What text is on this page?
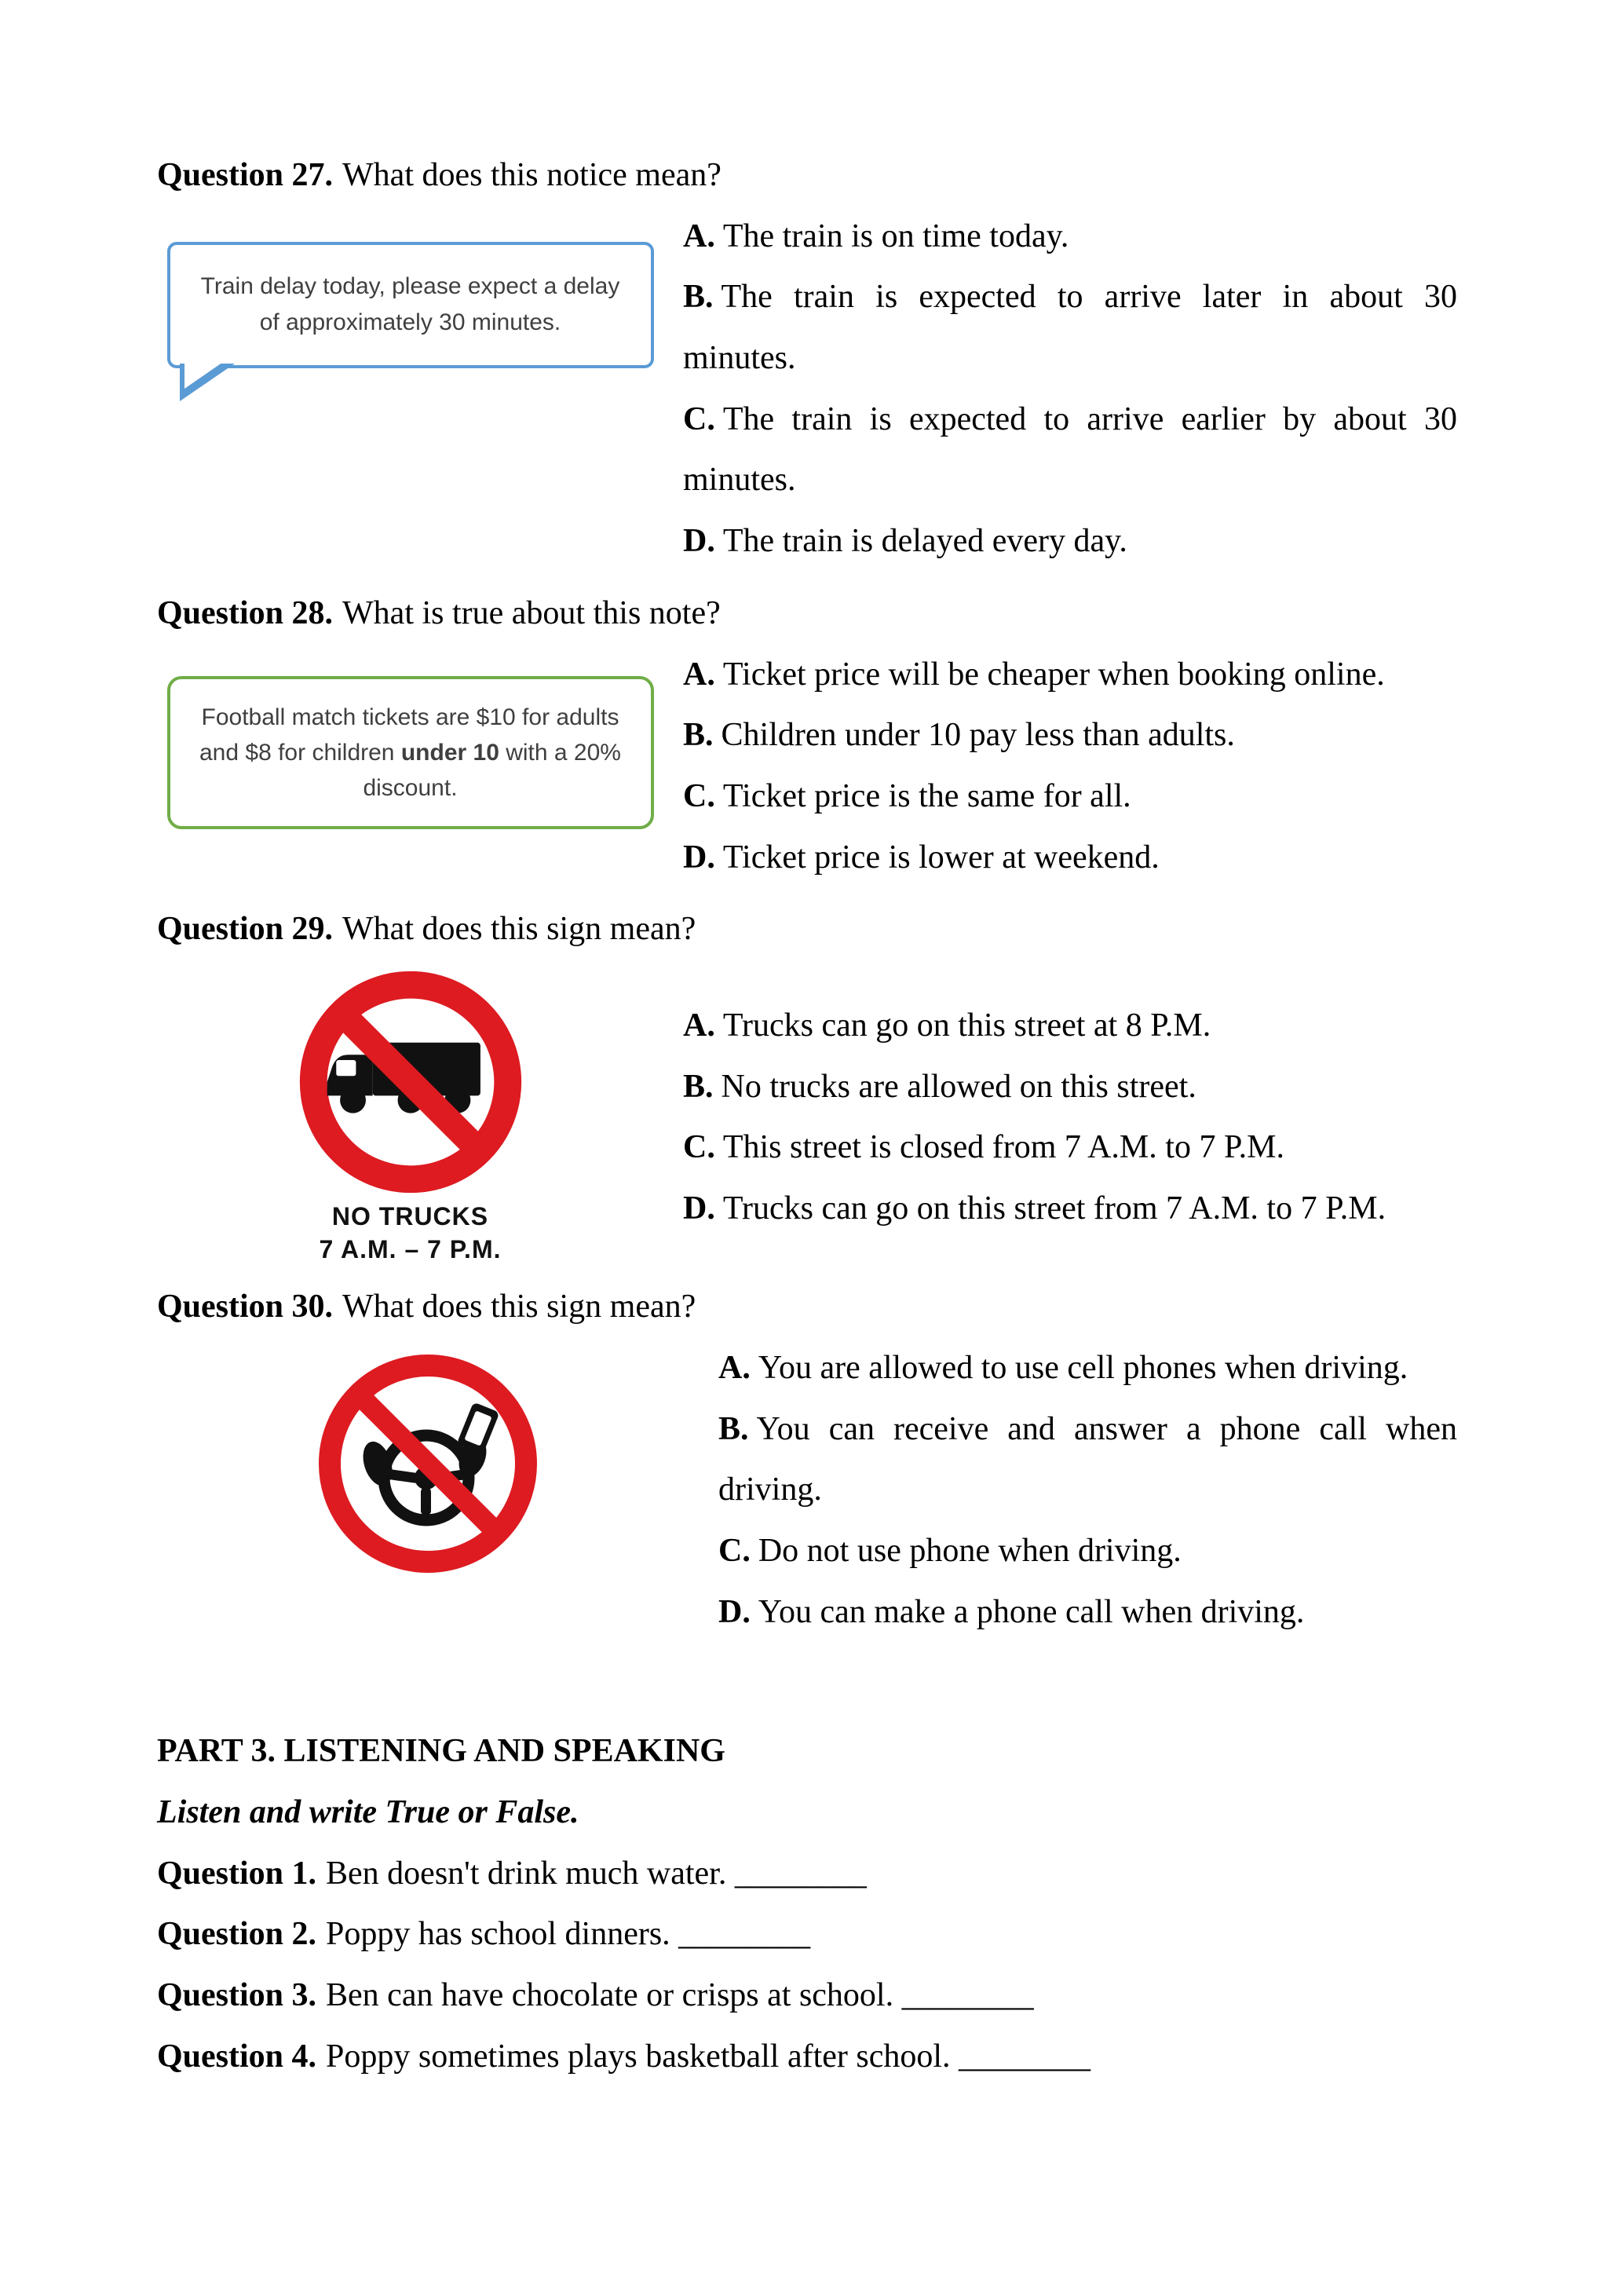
Question 27. What does this notice mean?

Train delay today, please expect a delay of approximately 30 minutes.

A. The train is on time today.

B. The train is expected to arrive later in about 30 minutes.

C. The train is expected to arrive earlier by about 30 minutes.

D. The train is delayed every day.

Question 28. What is true about this note?

Football match tickets are $10 for adults and $8 for children under 10 with a 20% discount.

A. Ticket price will be cheaper when booking online.

B. Children under 10 pay less than adults.

C. Ticket price is the same for all.

D. Ticket price is lower at weekend.

Question 29. What does this sign mean?

NO TRUCKS

7 A.M. – 7 P.M.

A. Trucks can go on this street at 8 P.M.

B. No trucks are allowed on this street.

C. This street is closed from 7 A.M. to 7 P.M.

D. Trucks can go on this street from 7 A.M. to 7 P.M.

Question 30. What does this sign mean?

A. You are allowed to use cell phones when driving.

B. You can receive and answer a phone call when driving.

C. Do not use phone when driving.

D. You can make a phone call when driving.

PART 3. LISTENING AND SPEAKING

Listen and write True or False.

Question 1. Ben doesn't drink much water. ________

Question 2. Poppy has school dinners. ________

Question 3. Ben can have chocolate or crisps at school. ________

Question 4. Poppy sometimes plays basketball after school. ________
